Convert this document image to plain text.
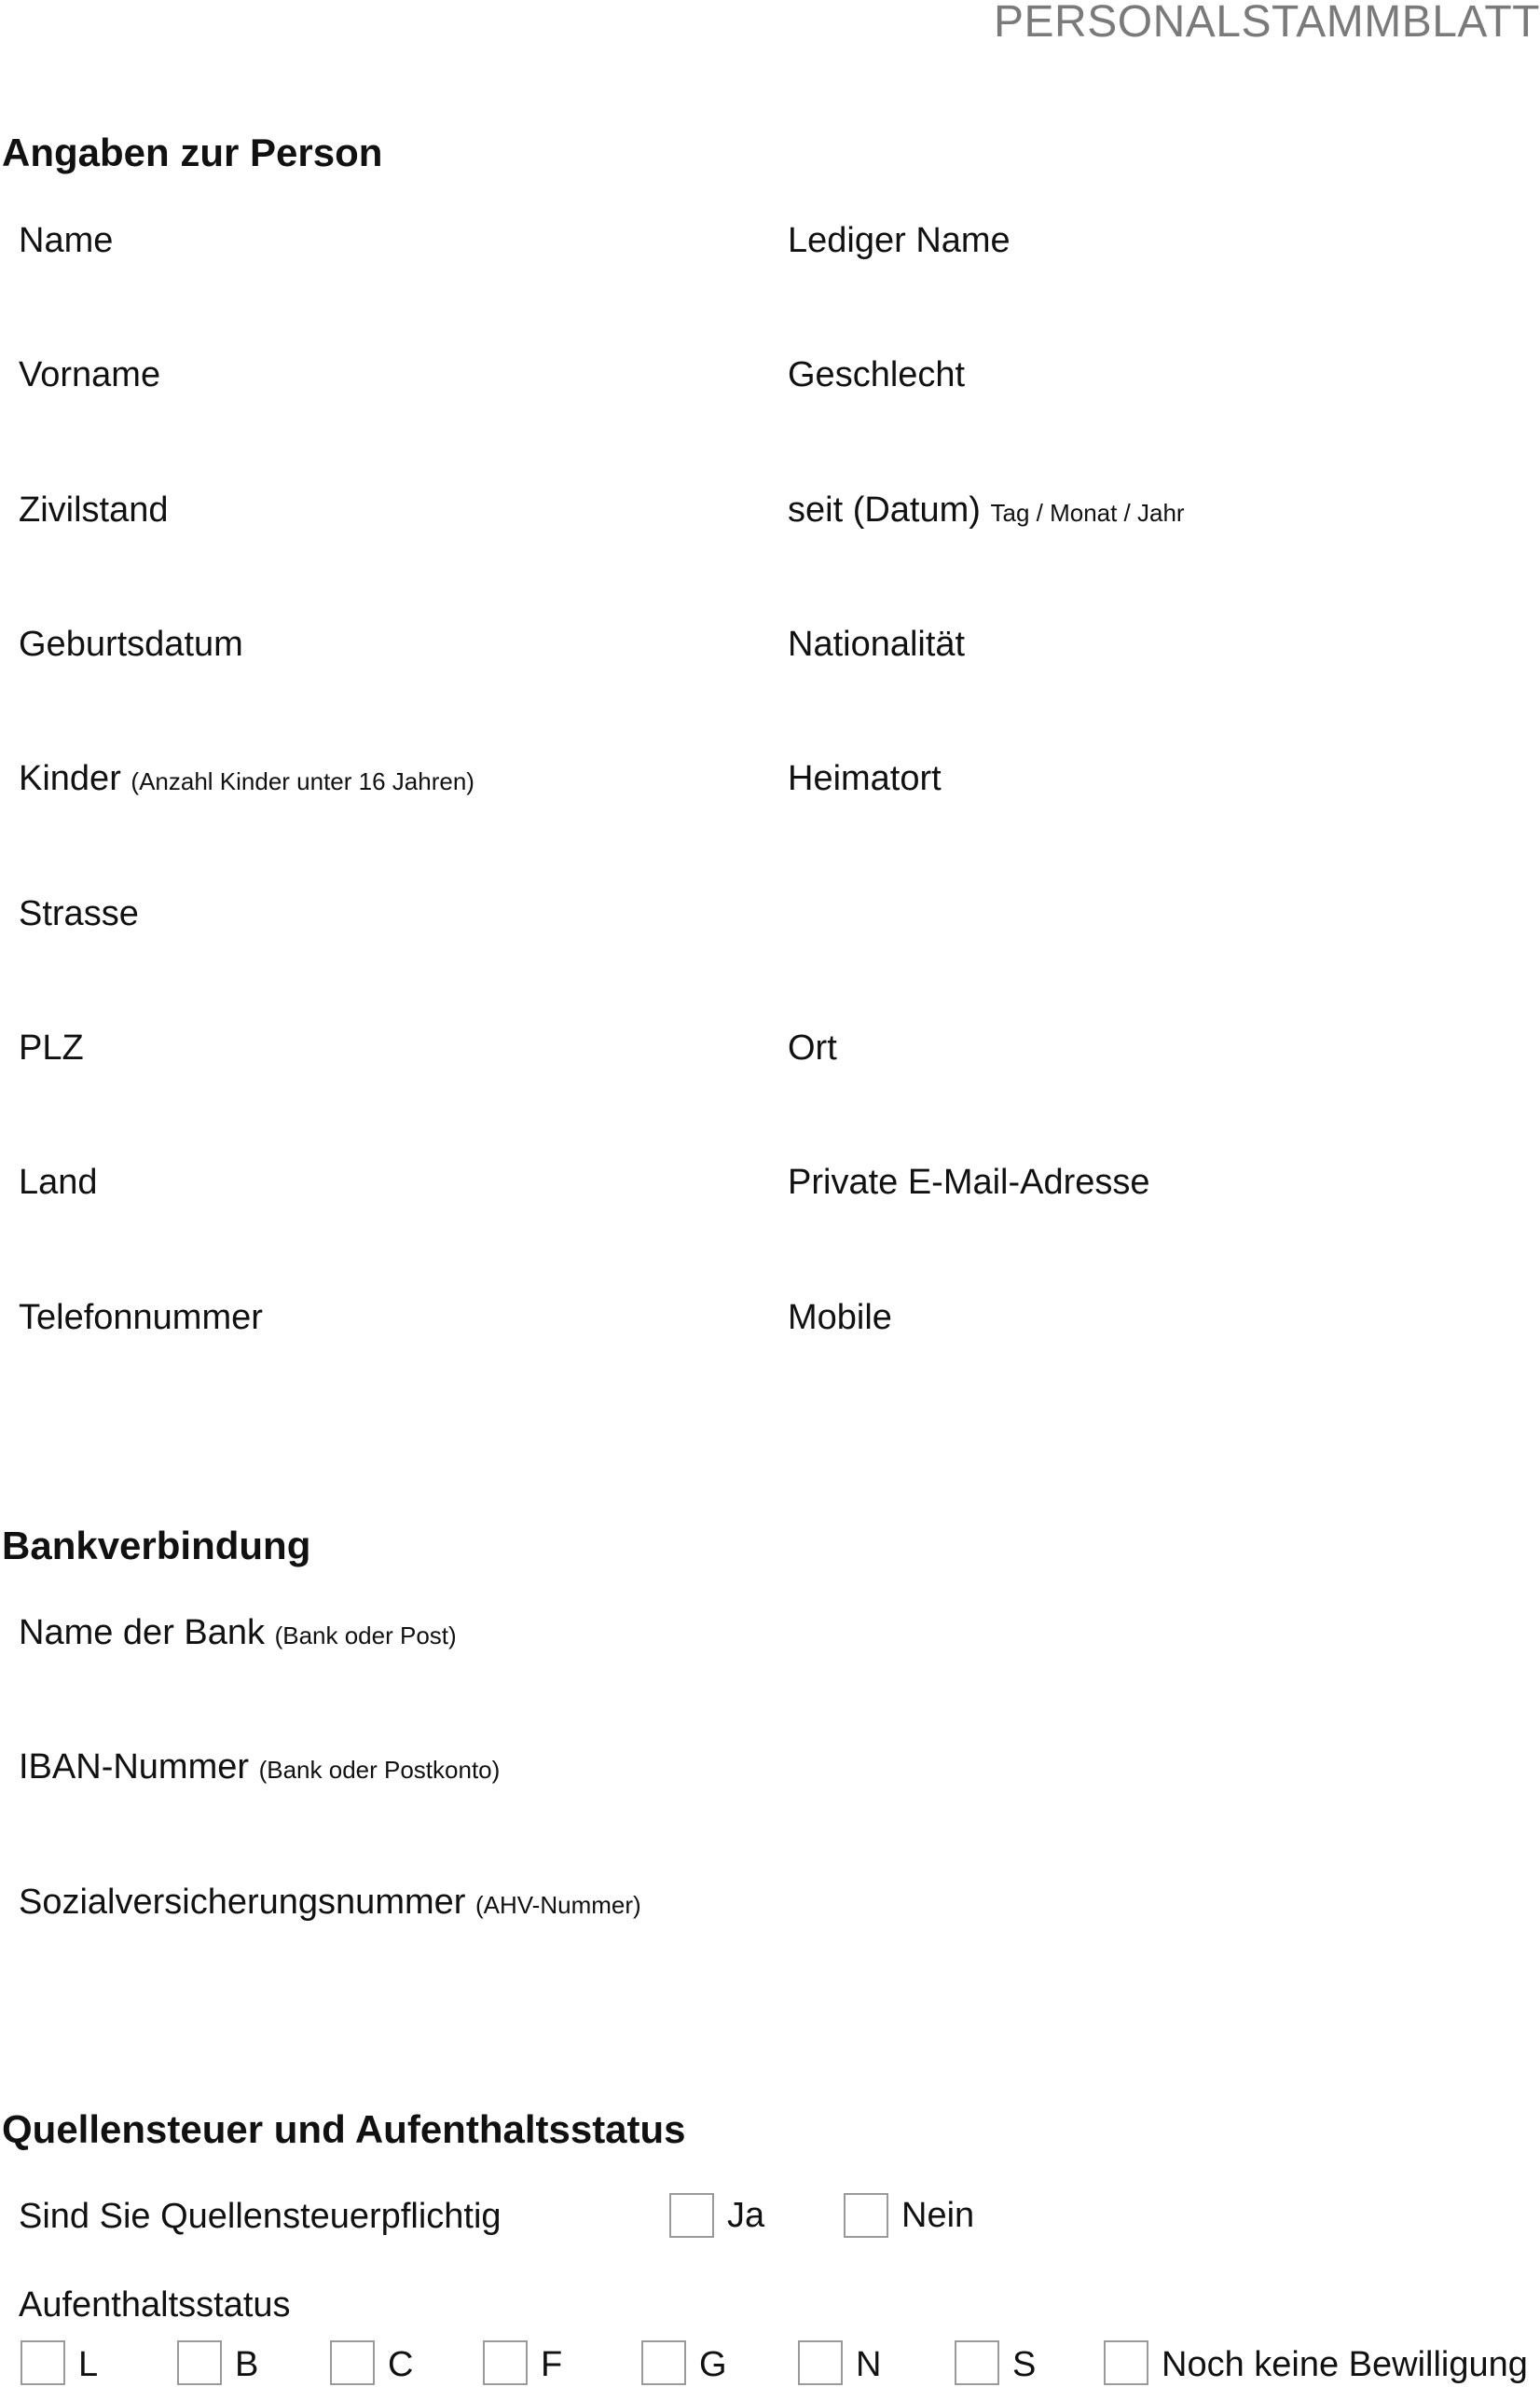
PERSONALSTAMMBLATT
Angaben zur Person
Name	Lediger Name
Vorname	Geschlecht
Zivilstand	seit (Datum) Tag / Monat / Jahr
Geburtsdatum	Nationalität
Kinder (Anzahl Kinder unter 16 Jahren)	Heimatort
Strasse
PLZ	Ort
Land	Private E-Mail-Adresse
Telefonnummer	Mobile
Bankverbindung
Name der Bank (Bank oder Post)
IBAN-Nummer (Bank oder Postkonto)
Sozialversicherungsnummer (AHV-Nummer)
Quellensteuer und Aufenthaltsstatus
Sind Sie Quellensteuerpflichtig	Ja	Nein
Aufenthaltsstatus
L	B	C	F	G	N	S	Noch keine Bewilligung
